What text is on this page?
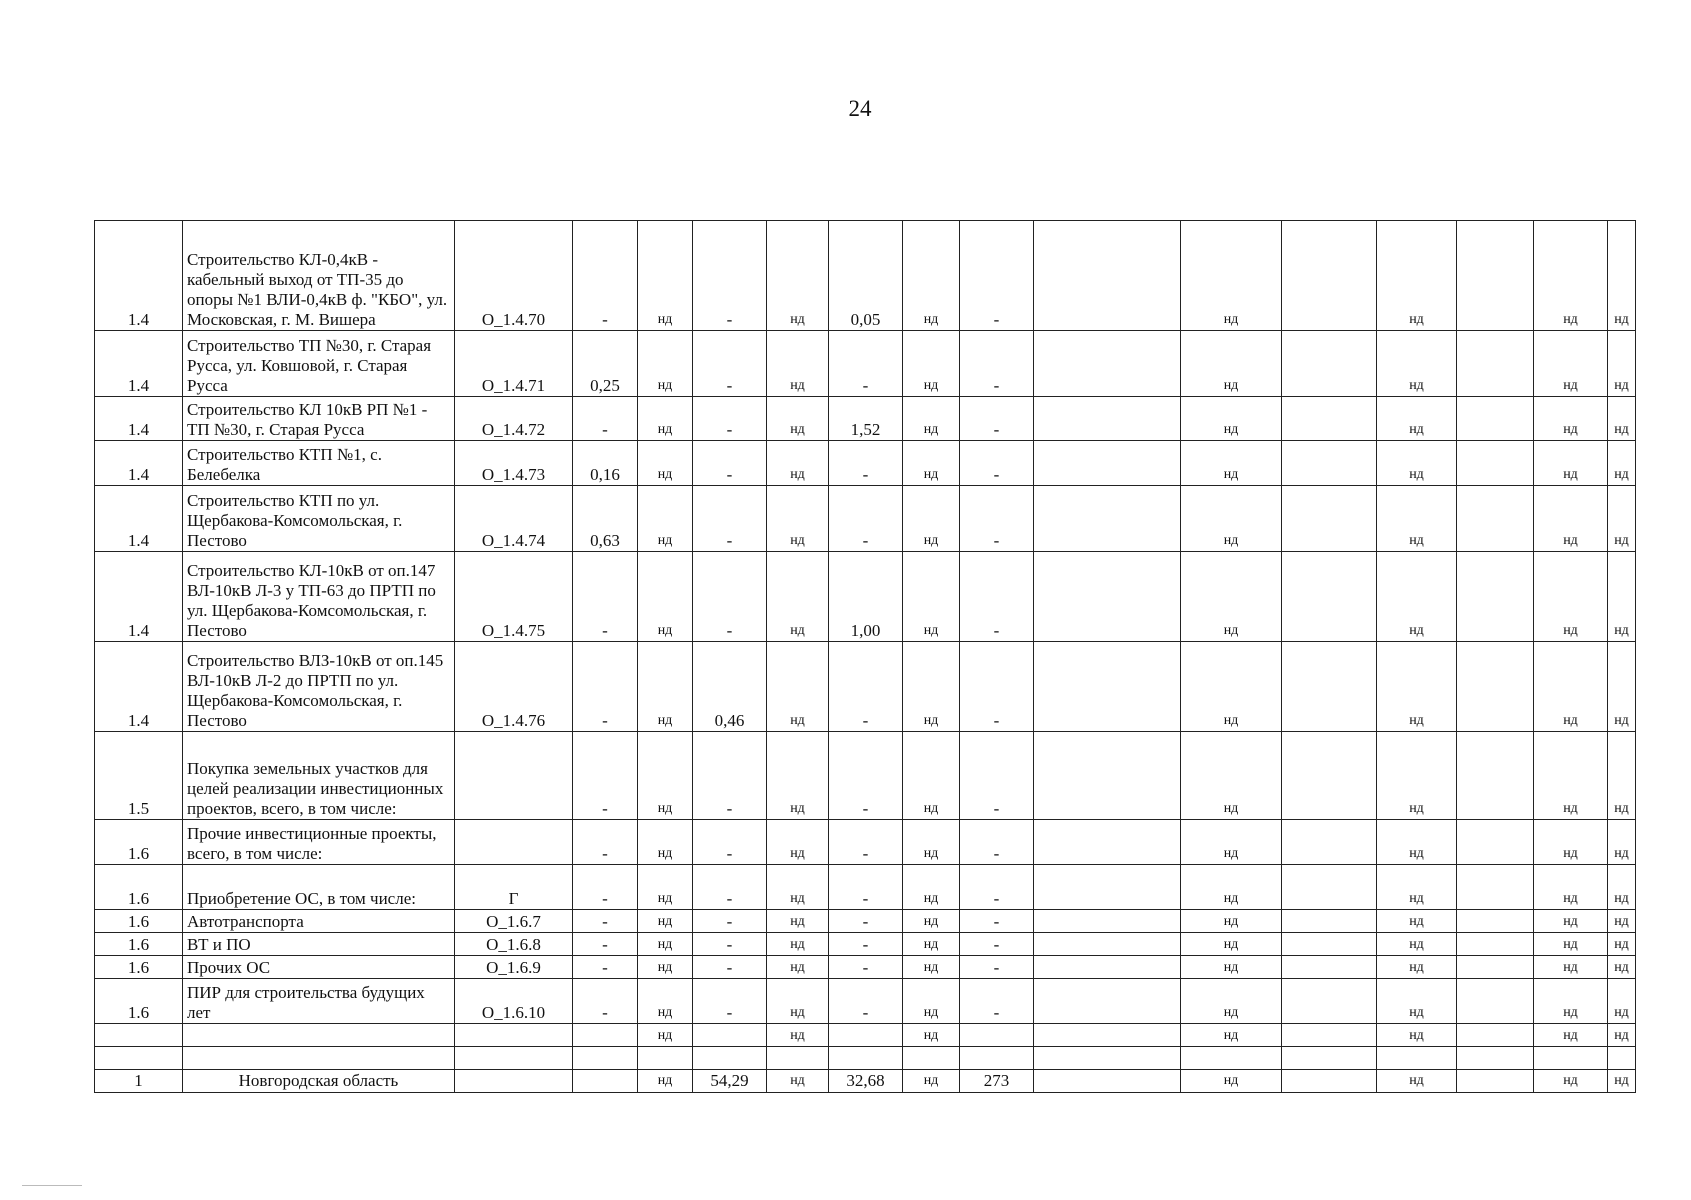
24
1.4	Строительство КЛ-0,4кВ - кабельный выход от ТП-35 до опоры №1 ВЛИ-0,4кВ ф. "КБО", ул. Московская, г. М. Вишера	О_1.4.70	-	нд	-	нд	0,05	нд	-		нд		нд		нд	нд
1.4	Строительство ТП №30, г. Старая Русса, ул. Ковшовой, г. Старая Русса	О_1.4.71	0,25	нд	-	нд	-	нд	-		нд		нд		нд	нд
1.4	Строительство КЛ 10кВ РП №1 - ТП №30, г. Старая Русса	О_1.4.72	-	нд	-	нд	1,52	нд	-		нд		нд		нд	нд
1.4	Строительство КТП №1, с. Белебелка	О_1.4.73	0,16	нд	-	нд	-	нд	-		нд		нд		нд	нд
1.4	Строительство КТП по ул. Щербакова-Комсомольская, г. Пестово	О_1.4.74	0,63	нд	-	нд	-	нд	-		нд		нд		нд	нд
1.4	Строительство КЛ-10кВ от оп.147 ВЛ-10кВ Л-3 у ТП-63 до ПРТП по ул. Щербакова-Комсомольская, г. Пестово	О_1.4.75	-	нд	-	нд	1,00	нд	-		нд		нд		нд	нд
1.4	Строительство ВЛЗ-10кВ от оп.145 ВЛ-10кВ Л-2 до ПРТП по ул. Щербакова-Комсомольская, г. Пестово	О_1.4.76	-	нд	0,46	нд	-	нд	-		нд		нд		нд	нд
1.5	Покупка земельных участков для целей реализации инвестиционных проектов, всего, в том числе:		-	нд	-	нд	-	нд	-		нд		нд		нд	нд
1.6	Прочие инвестиционные проекты, всего, в том числе:		-	нд	-	нд	-	нд	-		нд		нд		нд	нд
1.6	Приобретение ОС, в том числе:	Г	-	нд	-	нд	-	нд	-		нд		нд		нд	нд
1.6	Автотранспорта	О_1.6.7	-	нд	-	нд	-	нд	-		нд		нд		нд	нд
1.6	ВТ и ПО	О_1.6.8	-	нд	-	нд	-	нд	-		нд		нд		нд	нд
1.6	Прочих ОС	О_1.6.9	-	нд	-	нд	-	нд	-		нд		нд		нд	нд
1.6	ПИР для строительства будущих лет	О_1.6.10	-	нд	-	нд	-	нд	-		нд		нд		нд	нд
				нд		нд		нд			нд		нд		нд	нд

1	Новгородская область			нд	54,29	нд	32,68	нд	273		нд		нд		нд	нд
